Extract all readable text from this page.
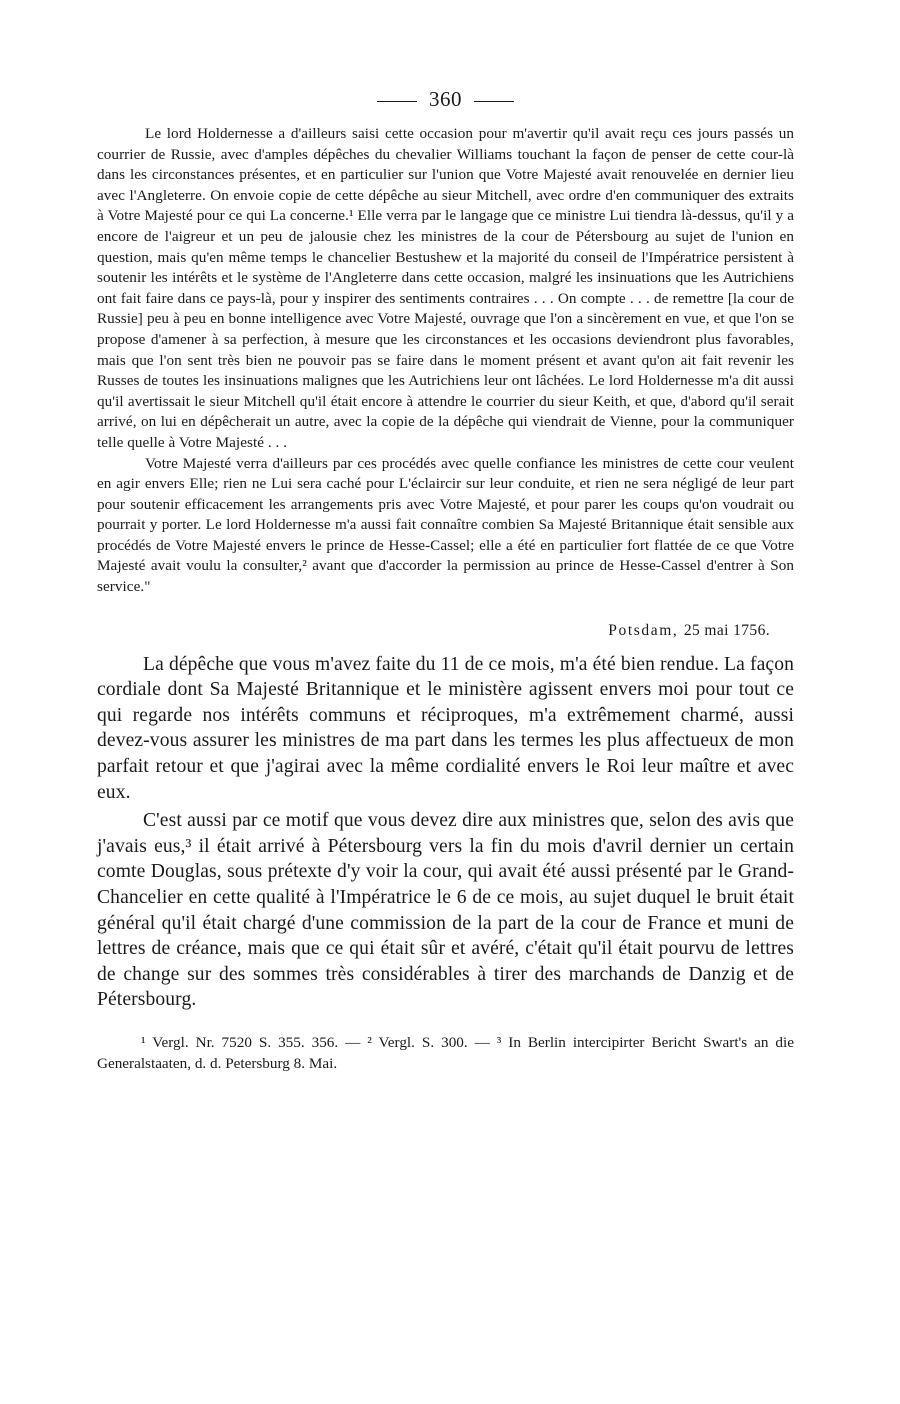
360

Le lord Holdernesse a d'ailleurs saisi cette occasion pour m'avertir qu'il avait reçu ces jours passés un courrier de Russie, avec d'amples dépêches du chevalier Williams touchant la façon de penser de cette cour-là dans les circonstances présentes, et en particulier sur l'union que Votre Majesté avait renouvelée en dernier lieu avec l'Angleterre. On envoie copie de cette dépêche au sieur Mitchell, avec ordre d'en communiquer des extraits à Votre Majesté pour ce qui La concerne.¹ Elle verra par le langage que ce ministre Lui tiendra là-dessus, qu'il y a encore de l'aigreur et un peu de jalousie chez les ministres de la cour de Pétersbourg au sujet de l'union en question, mais qu'en même temps le chancelier Bestushew et la majorité du conseil de l'Impératrice persistent à soutenir les intérêts et le système de l'Angleterre dans cette occasion, malgré les insinuations que les Autrichiens ont fait faire dans ce pays-là, pour y inspirer des sentiments contraires . . . On compte . . . de remettre [la cour de Russie] peu à peu en bonne intelligence avec Votre Majesté, ouvrage que l'on a sincèrement en vue, et que l'on se propose d'amener à sa perfection, à mesure que les circonstances et les occasions deviendront plus favorables, mais que l'on sent très bien ne pouvoir pas se faire dans le moment présent et avant qu'on ait fait revenir les Russes de toutes les insinuations malignes que les Autrichiens leur ont lâchées. Le lord Holdernesse m'a dit aussi qu'il avertissait le sieur Mitchell qu'il était encore à attendre le courrier du sieur Keith, et que, d'abord qu'il serait arrivé, on lui en dépêcherait un autre, avec la copie de la dépêche qui viendrait de Vienne, pour la communiquer telle quelle à Votre Majesté . . .

Votre Majesté verra d'ailleurs par ces procédés avec quelle confiance les ministres de cette cour veulent en agir envers Elle; rien ne Lui sera caché pour L'éclaircir sur leur conduite, et rien ne sera négligé de leur part pour soutenir efficacement les arrangements pris avec Votre Majesté, et pour parer les coups qu'on voudrait ou pourrait y porter. Le lord Holdernesse m'a aussi fait connaître combien Sa Majesté Britannique était sensible aux procédés de Votre Majesté envers le prince de Hesse-Cassel; elle a été en particulier fort flattée de ce que Votre Majesté avait voulu la consulter,² avant que d'accorder la permission au prince de Hesse-Cassel d'entrer à Son service."

Potsdam, 25 mai 1756.

La dépêche que vous m'avez faite du 11 de ce mois, m'a été bien rendue. La façon cordiale dont Sa Majesté Britannique et le ministère agissent envers moi pour tout ce qui regarde nos intérêts communs et réciproques, m'a extrêmement charmé, aussi devez-vous assurer les ministres de ma part dans les termes les plus affectueux de mon parfait retour et que j'agirai avec la même cordialité envers le Roi leur maître et avec eux.

C'est aussi par ce motif que vous devez dire aux ministres que, selon des avis que j'avais eus,³ il était arrivé à Pétersbourg vers la fin du mois d'avril dernier un certain comte Douglas, sous prétexte d'y voir la cour, qui avait été aussi présenté par le Grand-Chancelier en cette qualité à l'Impératrice le 6 de ce mois, au sujet duquel le bruit était général qu'il était chargé d'une commission de la part de la cour de France et muni de lettres de créance, mais que ce qui était sûr et avéré, c'était qu'il était pourvu de lettres de change sur des sommes très considérables à tirer des marchands de Danzig et de Pétersbourg.

¹ Vergl. Nr. 7520 S. 355. 356. — ² Vergl. S. 300. — ³ In Berlin intercipirter Bericht Swart's an die Generalstaaten, d. d. Petersburg 8. Mai.
